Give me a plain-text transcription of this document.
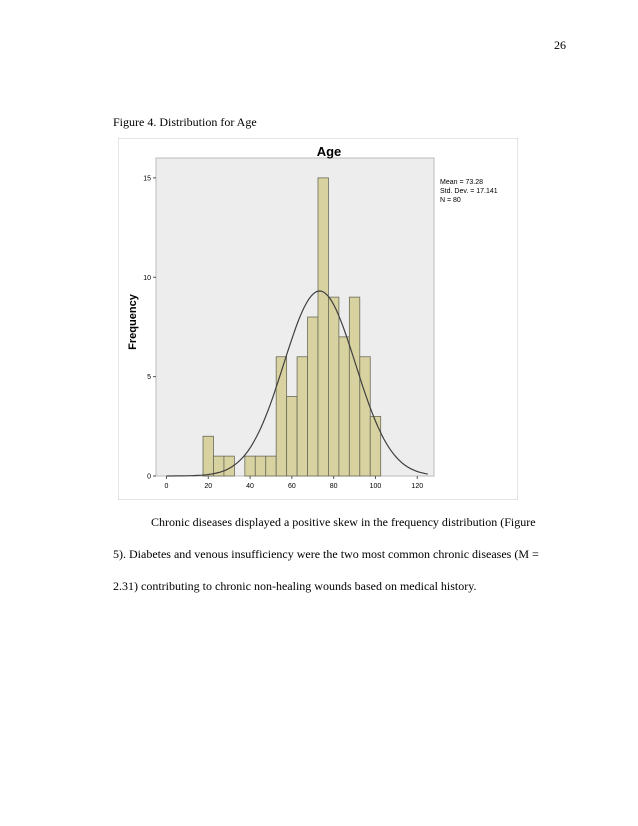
26
Figure 4. Distribution for Age
Age
Frequency
0	20	40	60	80	100	120
0
5
10
15
Mean = 73.28
Std. Dev. = 17.141
N = 80

Chronic diseases displayed a positive skew in the frequency distribution (Figure
5). Diabetes and venous insufficiency were the two most common chronic diseases (M =
2.31) contributing to chronic non-healing wounds based on medical history.
